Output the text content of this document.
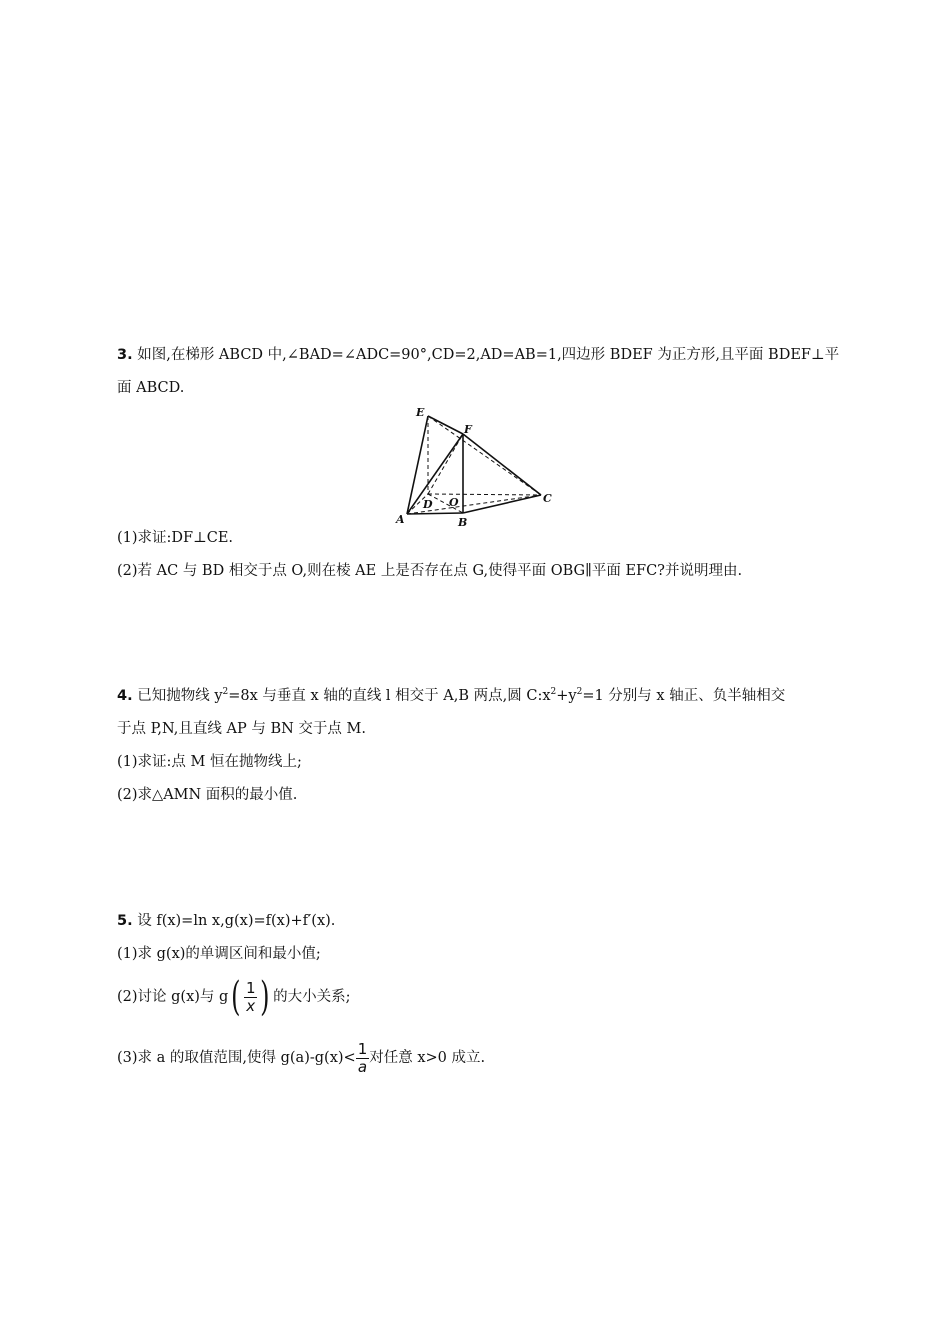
3. 如图,在梯形 ABCD 中,∠BAD=∠ADC=90°,CD=2,AD=AB=1,四边形 BDEF 为正方形,且平面 BDEF⊥平
面 ABCD.
E
F
D O	C
A	B
(1)求证:DF⊥CE.
(2)若 AC 与 BD 相交于点 O,则在棱 AE 上是否存在点 G,使得平面 OBG∥平面 EFC?并说明理由.
4. 已知抛物线 $y^2=8x$ 与垂直 x 轴的直线 l 相交于 A,B 两点,圆 $C:x^2+y^2=1$ 分别与 x 轴正、负半轴相交
于点 P,N,且直线 AP 与 BN 交于点 M.
(1)求证:点 M 恒在抛物线上;
(2)求△AMN 面积的最小值.
5. 设 f(x)=ln x,g(x)=f(x)+f′(x).
(1)求 g(x)的单调区间和最小值;
(2)讨论 g(x)与 $g( \frac{1}{x}$ ) 的大小关系;
(3)求 a 的取值范围,使得 $g(a)-g(x)< \frac{1}{a}$ 对任意 x>0 成立.
